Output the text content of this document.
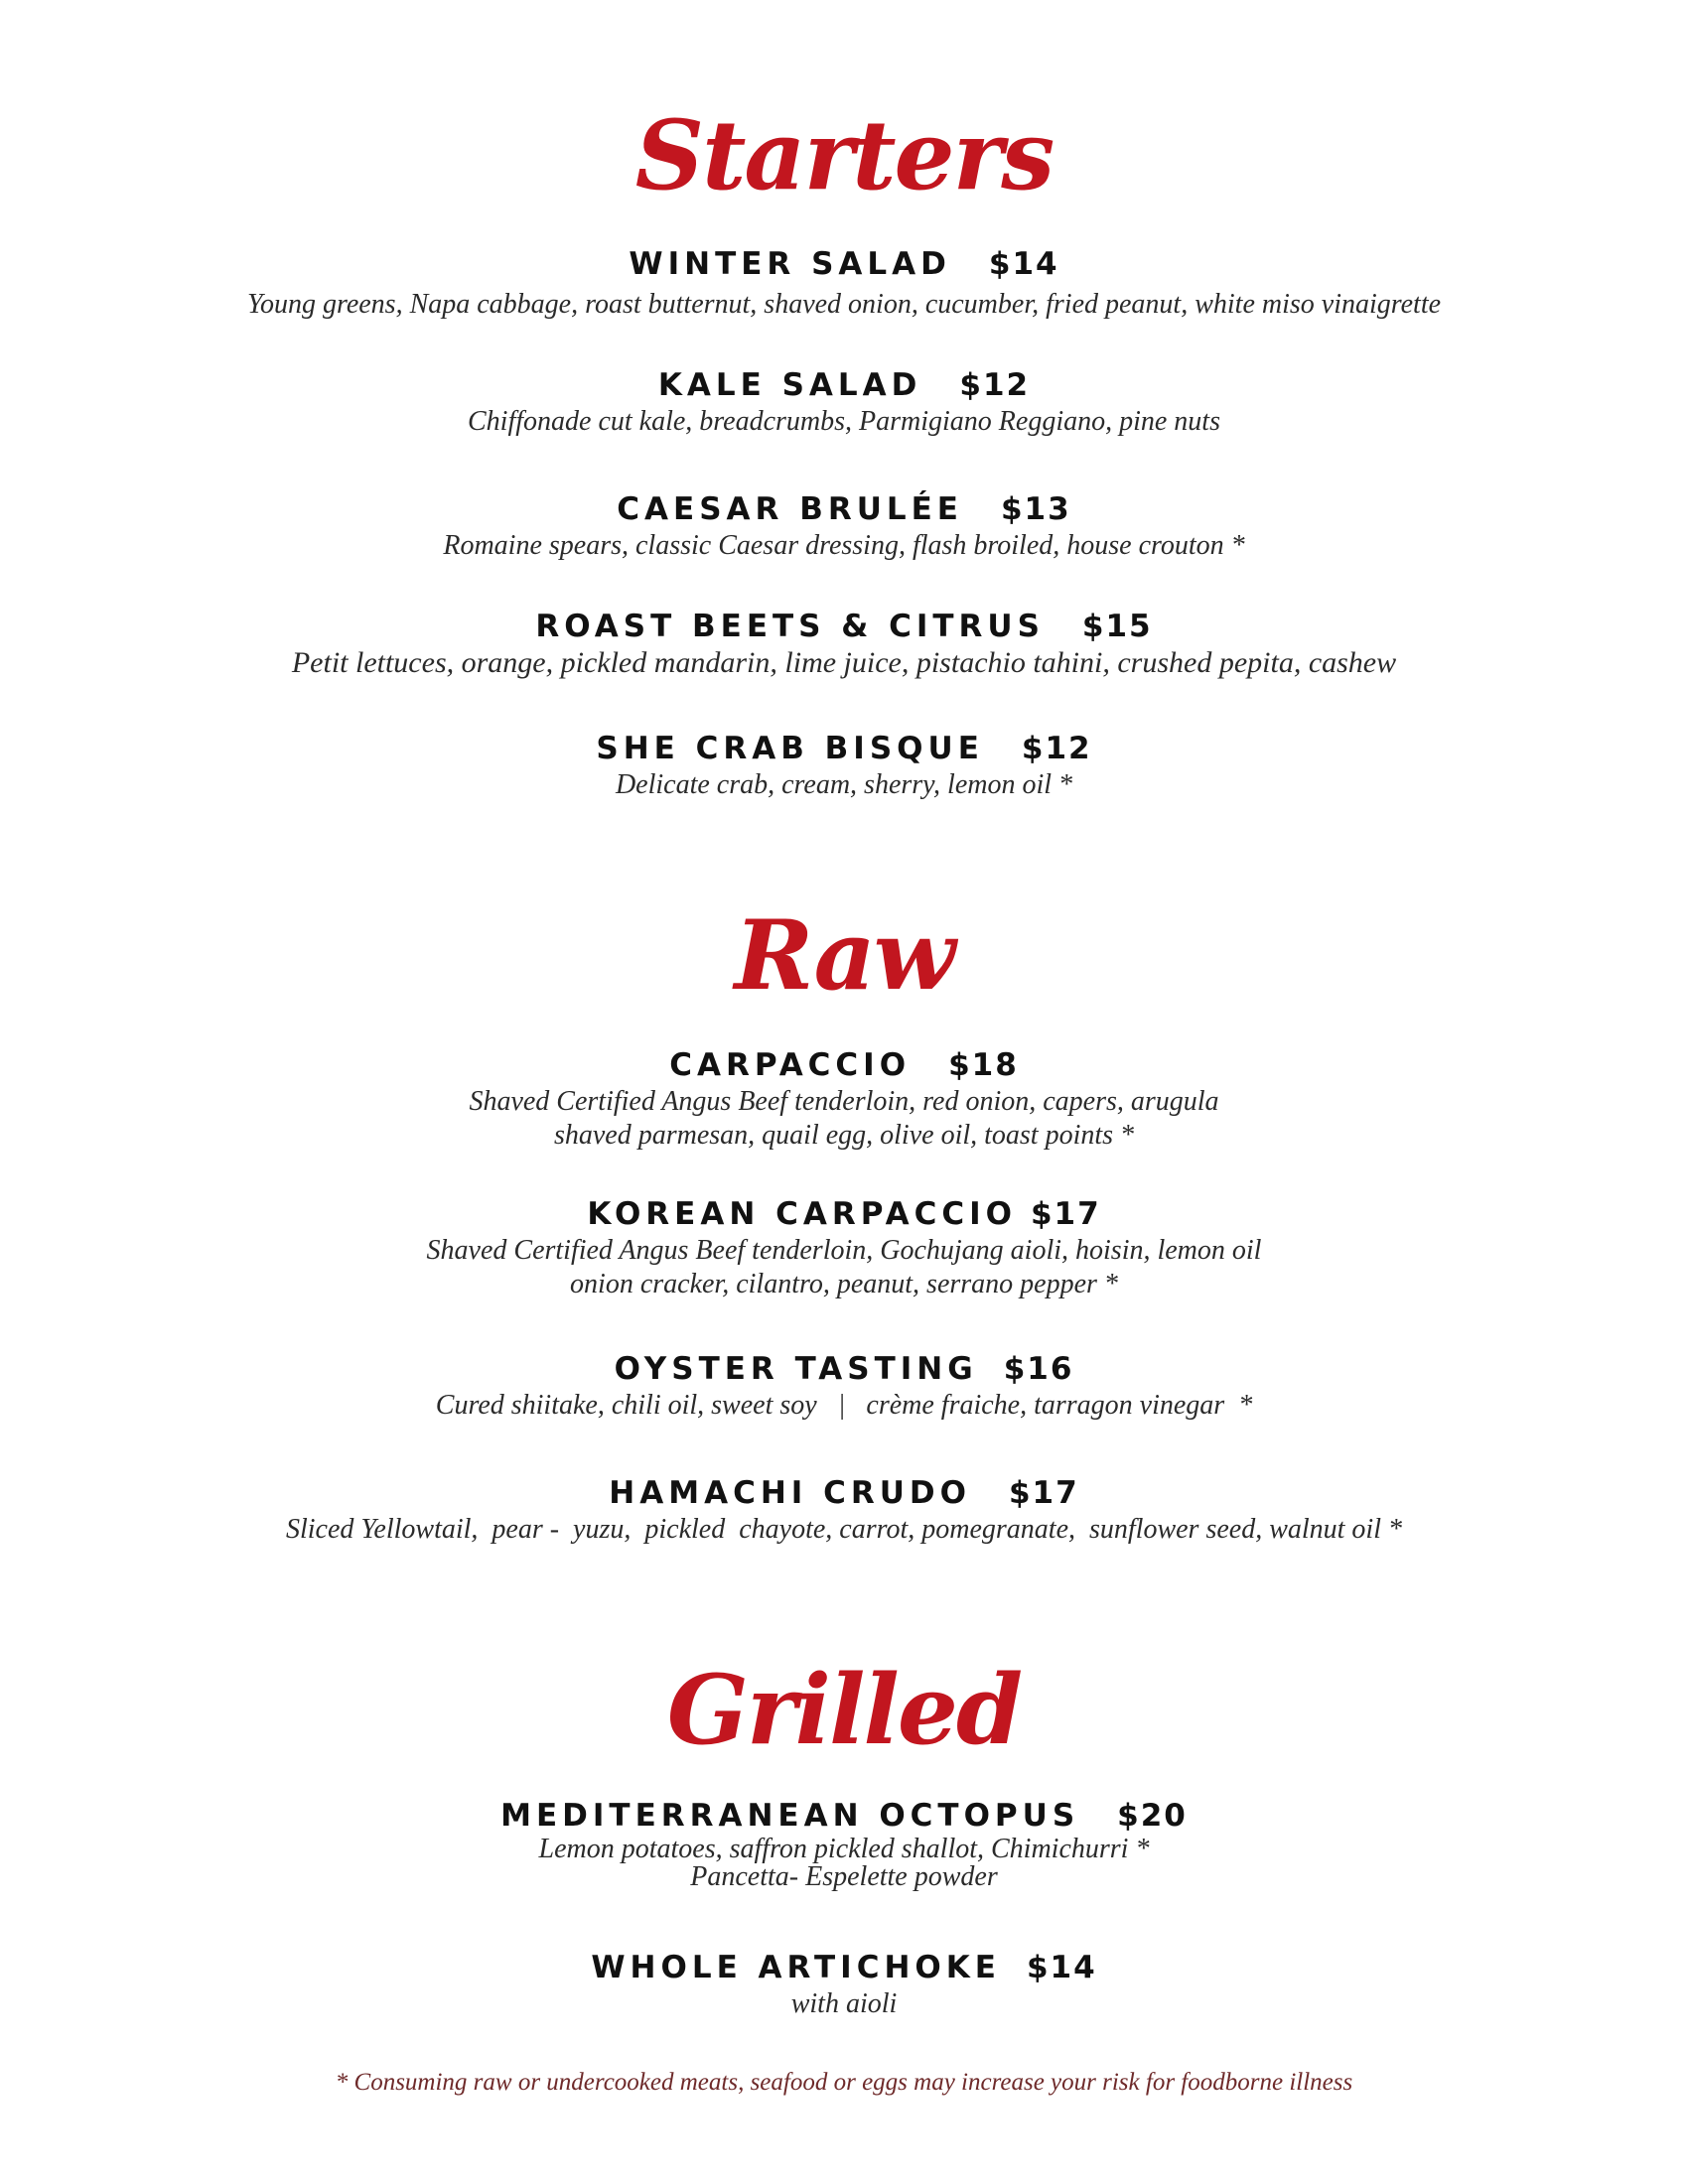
Starters
WINTER SALAD $14
Young greens, Napa cabbage, roast butternut, shaved onion, cucumber, fried peanut, white miso vinaigrette
KALE SALAD $12
Chiffonade cut kale, breadcrumbs, Parmigiano Reggiano, pine nuts
CAESAR BRULÉE $13
Romaine spears, classic Caesar dressing, flash broiled, house crouton *
ROAST BEETS & CITRUS $15
Petit lettuces, orange, pickled mandarin, lime juice, pistachio tahini, crushed pepita, cashew
SHE CRAB BISQUE $12
Delicate crab, cream, sherry, lemon oil *
Raw
CARPACCIO $18
Shaved Certified Angus Beef tenderloin, red onion, capers, arugula
shaved parmesan, quail egg, olive oil, toast points *
KOREAN CARPACCIO $17
Shaved Certified Angus Beef tenderloin, Gochujang aioli, hoisin, lemon oil
onion cracker, cilantro, peanut, serrano pepper *
OYSTER TASTING $16
Cured shiitake, chili oil, sweet soy   |   crème fraiche, tarragon vinegar  *
HAMACHI CRUDO $17
Sliced Yellowtail,  pear -  yuzu,  pickled  chayote, carrot, pomegranate,  sunflower seed, walnut oil *
Grilled
MEDITERRANEAN OCTOPUS $20
Lemon potatoes, saffron pickled shallot, Chimichurri *
Pancetta- Espelette powder
WHOLE ARTICHOKE $14
with aioli
* Consuming raw or undercooked meats, seafood or eggs may increase your risk for foodborne illness
